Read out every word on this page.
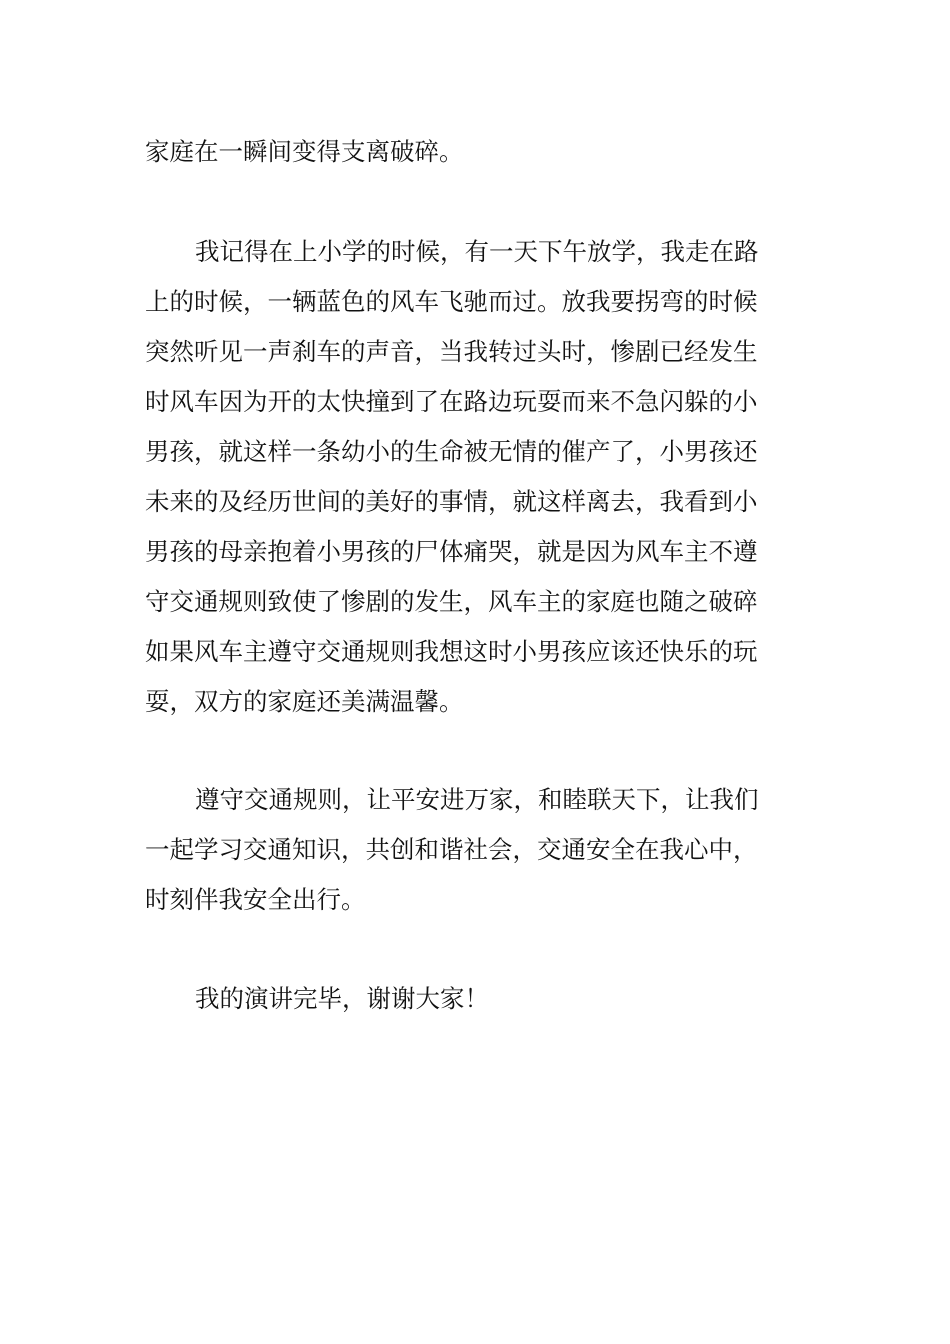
家庭在一瞬间变得支离破碎。
我记得在上小学的时候，有一天下午放学，我走在路
上的时候，一辆蓝色的风车飞驰而过。放我要拐弯的时候
突然听见一声刹车的声音，当我转过头时，惨剧已经发生
时风车因为开的太快撞到了在路边玩耍而来不急闪躲的小
男孩，就这样一条幼小的生命被无情的催产了，小男孩还
未来的及经历世间的美好的事情，就这样离去，我看到小
男孩的母亲抱着小男孩的尸体痛哭，就是因为风车主不遵
守交通规则致使了惨剧的发生，风车主的家庭也随之破碎
如果风车主遵守交通规则我想这时小男孩应该还快乐的玩
耍，双方的家庭还美满温馨。
遵守交通规则，让平安进万家，和睦联天下，让我们
一起学习交通知识，共创和谐社会，交通安全在我心中，
时刻伴我安全出行。
我的演讲完毕，谢谢大家！
